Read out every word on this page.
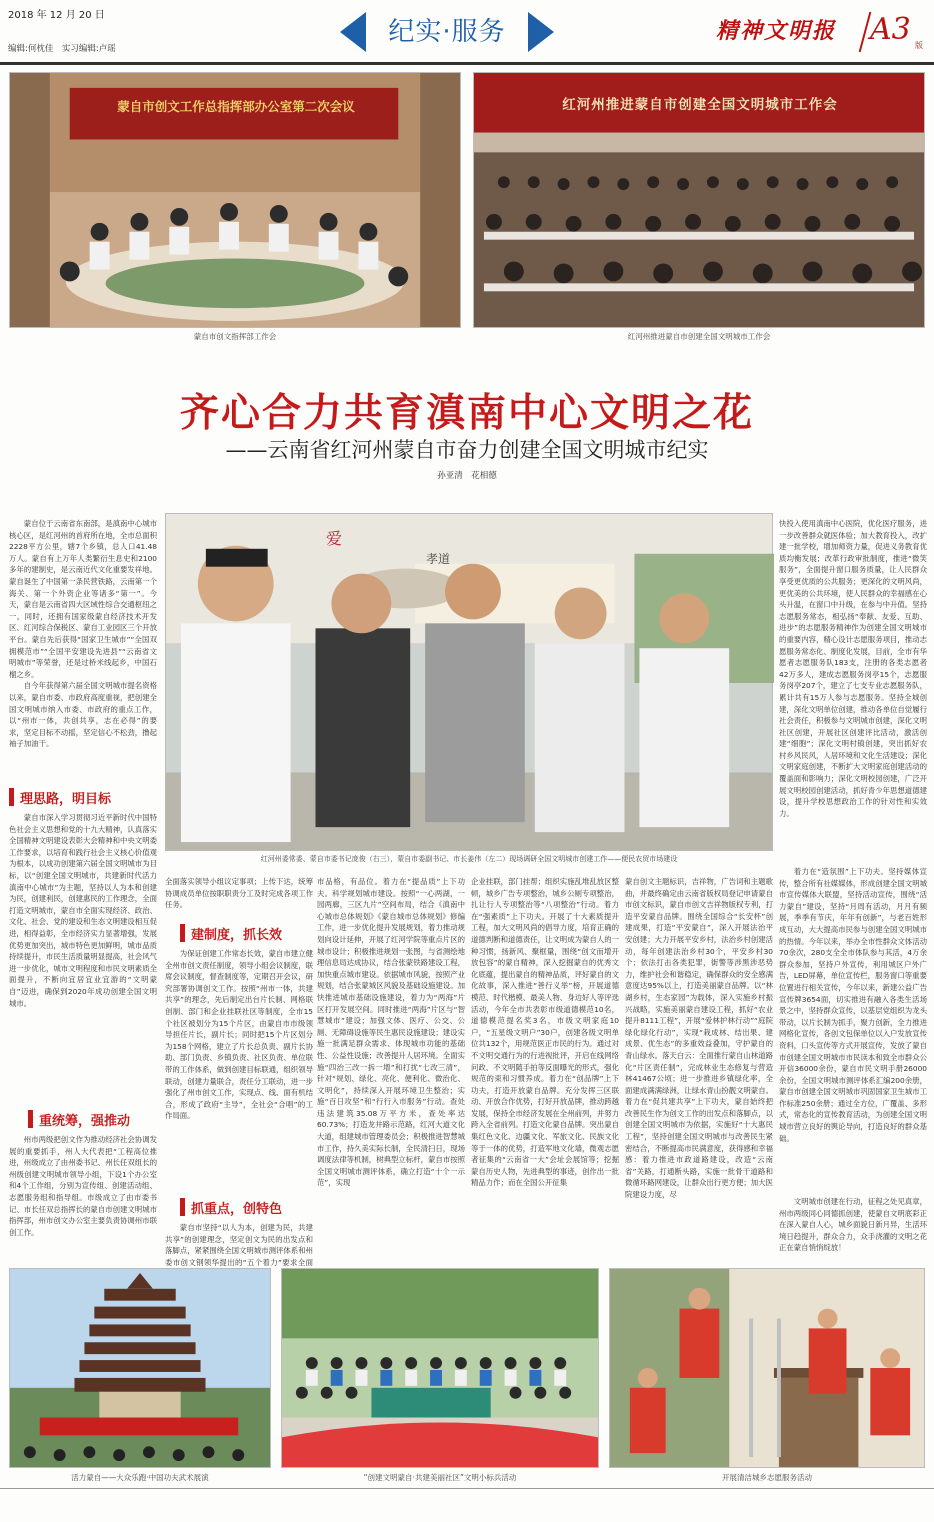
2018 年 12 月 20 日
编辑:何枕佳　实习编辑:卢瑶
纪实·服务	精神文明报 A3 版
蒙自市创文工作总指挥部办公室第二次会议
蒙自市创文指挥部工作会
红河州推进蒙自市创建全国文明城市工作会
红河州推进蒙自市创建全国文明城市工作会
齐心合力共育滇南中心文明之花
——云南省红河州蒙自市奋力创建全国文明城市纪实
孙亚清　花相德
爱
孝道
红河州委常委、蒙自市委书记庞俊（右三），蒙自市委副书记、市长姜伟（左二）现场调研全国文明城市创建工作——便民农贸市场建设

蒙自位于云南省东南部，是滇南中心城市核心区，是红河州的首府所在地，全市总面积2228平方公里，辖7个乡镇，总人口41.48万人。蒙自有上万年人类繁衍生息史和2100多年的建制史，是云南近代文化重要发祥地。蒙自诞生了中国第一条民营铁路，云南第一个海关、第一个外资企业等诸多“第一”。今天，蒙自是云南省四大区域性综合交通枢纽之一。同时，还拥有国家级蒙自经济技术开发区、红河综合保税区、蒙自工业园区三个开放平台。蒙自先后获得“国家卫生城市”“全国双拥模范市”“全国平安建设先进县”“云南省文明城市”等荣誉，还是过桥米线起乡，中国石榴之乡。

自今年获得第六届全国文明城市提名资格以来，蒙自市委、市政府高度重视，把创建全国文明城市纳入市委、市政府的重点工作，以“州市一体，共创共享，志在必得”的要求，坚定目标不动摇，坚定信心不松劲，撸起袖子加油干。

理思路，明目标

蒙自市深入学习贯彻习近平新时代中国特色社会主义思想和党的十九大精神，认真落实全国精神文明建设表彰大会精神和中央文明委工作要求，以培育和践行社会主义核心价值观为根本，以成功创建第六届全国文明城市为目标，以“创建全国文明城市，共建新时代活力滇南中心城市”为主题，坚持以人为本和创建为民，创建利民，创建惠民的工作理念，全面打造文明城市，蒙自市全面实现经济、政治、文化、社会、党的建设和生态文明建设相互促进，相得益彰，全市经济实力显著增强，发展优势更加突出，城市特色更加鲜明，城市品质持续提升，市民生活质量明显提高，社会风气进一步优化，城市文明程度和市民文明素质全面提升，不断向宜居宜业宜游的“文明蒙自”迈进，确保到2020年成功创建全国文明城市。

重统筹，强推动

州市两级把创文作为推动经济社会协调发展的重要抓手，州人大代表把“工程高位推进，州级成立了由州委书记、州长任双组长的州级创建文明城市领导小组，下设1个办公室和4个工作组，分别为宣传组、创建活动组、志愿服务组和指导组。市级成立了由市委书记、市长任双总指挥长的蒙自市创建文明城市指挥部，州市创文办公室主要负责协调州市联创工作。

全面落实领导小组议定事项；上传下达，统筹协调成员单位按职职责分工及时完成各项工作任务。

建制度，抓长效

为保证创建工作常态长效，蒙自市建立健全州市创文责任制度，领导小组会议制度，联席会议制度，督查制度等，定期召开会议，研究部署协调创文工作。按照“州市一体，共建共享”的理念，先后制定出台片长制、网格联创制、部门和企业挂联社区等制度，全市15个社区被划分为15个片区，由蒙自市市级领导担任片长，副片长；同时把15个片区划分为158个网格，建立了片长总负责、副片长协助、部门负责、乡镇负责、社区负责、单位联带的工作体系，做到创建目标联通，组织领导联动，创建力量联合，责任分工联动，进一步强化了州市创文工作，实现点、线、面有机结合，形成了政府“主导”，全社会“合唱”的工作局面。

抓重点，创特色

蒙自市坚持“以人为本，创建为民，共建共享”的创建理念，坚定创文为民的出发点和落脚点，紧紧围绕全国文明城市测评体系和州委市创文钢领华提出的“五个着力”要求全面

市品格，有品位。着力在“提品质”上下功夫。科学规划城市建设。按照“一心两湖，一园两廊，三区九片”空间布局，结合《滇南中心城市总体规划》《蒙自城市总体规划》修编工作，进一步优化提升发展规划，着力推动规划向设计延伸，开展了红河学院等重点片区的城市设计；积极推进规划一张图，与省测绘地理信息局达成协议，结合张蒙铁路建设工程，加快重点城市建设。依据城市风貌，按照产业规划，结合张蒙城区风貌及基础设施建设。加快推进城市基础设施建设，着力为“两海”片区打开发展空间。同时推进“两海”片区与“智慧城市”建设；加强文体、医疗、公交、公厕、无障碍设施等民生惠民设施建设；建设实施一批满足群众需求、体现城市功能的基础性、公益性设施；改善提升人居环境。全面实施“四治三改一拆一增”和打扰“七改三清”，针对“规划、绿化、亮化、便利化、微治化、文明化”，持续深入开展环境卫生整治；实施“百日攻坚”和“行行入市服务”行动。查处违法建筑35.08万平方米，查处率达60.73%；打造龙井路示范路，红河大道文化大道，组建城市管理委员会；积极推进智慧城市工作，持久美实际长制，全民清扫日，现场调度法律等机制，树典型立标杆，蒙自市按照全国文明城市测评体系，确立打造“十个一示范”，实现

企业挂联，部门挂帮；组织实施乱堆乱放区整顿，城乡广告专项整治，城乡公厕专项整治，扎让行人专项整治等“八项整治”行动。着力在“强素质”上下功夫。开展了十大素质提升工程，加大文明风尚的倡导力度，培育正确的道德判断和道德责任，让文明成为蒙自人的一种习惯，扬新风、聚框量，围绕“创文而增开放包容”的蒙自精神，深入挖掘蒙自的优秀文化底蕴，提出蒙自的精神品质，评好蒙自的文化故事，深入推进“善行义举”榜，开展道德模范、时代楷模、最美人物、身边好人等评选活动，今年全市共表彰市级道德模范10名，道德模范提名奖3名，市级文明家庭10户，“五星级文明户”30户，创建各级文明单位共132个，用规范医正市民的行为。通过对不文明交通行为的行进视批评，开启在线网络问政、不文明随手拍等反面曝光的形式，强化规范的束和习惯养成。着力在“创品牌”上下功夫，打造开放蒙自品牌。充分发挥三区联动、开放合作优势，打好开放品牌，推动跨越发展，保持全市经济发展在全州前列，并努力跨入全省前列。打造文化蒙自品牌。突出蒙自集红色文化、边疆文化、军旅文化、民族文化等于一体的优势，打造军地文化墙，微观志愿者征集的“云南省一大”会址会展馆等；挖掘蒙自历史人物，先进典型的事迹，创作出一批精品力作；而在全国公开征集

蒙自创文主题标识，吉祥物，广告词和主题歌曲，并最终确定由云南省版权局登记申请蒙自市创文标识，蒙自市创文吉祥物版权专利，打造平安蒙自品牌。围绕全国综合“长安杯”创建成果，打造“平安蒙自”，深入开展法治平安创建；大力开展平安乡村，法治乡村创建活动，每年创建法治乡村30个，平安乡村30个；依法打击各类犯罪，街警等涉黑涉恶势力，维护社会和谐稳定，确保群众的安全感满意度达95%以上，打造美丽蒙自品牌。以“林湖乡村，生态家园”为载体，深入实施乡村振兴战略，实施美丽蒙自建设工程，抓好“农业提升8111工程”，开展“爱林护林行动”“庭院绿化绿化行动”，实现“栽成林、结出果、建成景、优生态”的多重效益叠加，守护蒙自的青山绿水。落天白云：全面推行蒙自山林道路化“片区责任制”，完成林业生态修复与营造林41467公顷；进一步推进乡镇绿化率，全面建成满满绿洲，让绿水青山扮靓文明蒙自。着力在“促共建共享”上下功夫，蒙自始终把改善民生作为创文工作的出发点和落脚点，以创建全国文明城市为依据，实施好“十大惠民工程”，坚持创建全国文明城市与改善民生紧密结合，不断提高市民满意度，获得感和幸福感：着力推进市政道路建设，改造“云南省”关路，打通断头路，实施一批骨干道路和微循环路网建设，让群众出行更方便；加大医院建设力度，尽

快投入使用滇南中心医院，优化医疗服务，进一步改善群众就医体验；加大教育投入，改扩建一批学校，增加师资力量，促进义务教育优质均衡发展；改革行政审批制度，推进“微笑服务”，全面提升窗口服务质量，让人民群众享受更优质的公共服务；更深化的文明风尚，更优美的公共环境，使人民群众的幸福感在心头升温，在窗口中升级，在参与中升值。坚持志愿服务常态，相弘扬“奉献、友爱、互助、进步”的志愿服务精神作为创建全国文明城市的重要内容，精心设计志愿服务项目，推动志愿服务常态化、制度化发展，目前，全市有华愿者志愿服务队183支，注册的各类志愿者42万多人，建成志愿服务岗亭15个，志愿服务岗亭207个，建立了七支专业志愿服务队，累计共有15万人参与志愿服务。坚持全城创建，深化文明单位创建，推动各单位自觉履行社会责任，积极参与文明城市创建，深化文明社区创建，开展社区创建评比活动，激活创建“细胞”；深化文明村镇创建，突出抓好农村乡风民风，人居环境和文化生活建设；深化文明家庭创建，不断扩大文明家庭创建活动的覆盖面和影响力；深化文明校园创建，广泛开展文明校园创建活动，抓好青少年思想道德建设，提升学校思想政治工作的针对性和实效力。

着力在“造氛围”上下功夫。坚持媒体宣传，整合所有社媒媒体，形成创建全国文明城市宣传媒体大联盟，坚持活动宣传，围绕“活力蒙自”建设，坚持“月周有活动，月月有频展，季季有节庆，年年有创新”，与老百姓形成互动，大大提高市民参与创建全国文明城市的热情。今年以来，举办全市性群众文体活动70余次，280支全全市体队参与其活，4万余群众参加，坚持户外宣传，利用城区户外广告，LED屏幕，单位宣传栏，服务窗口等重要位置进行相关宣传，今年以来，新建公益广告宣传牌3654面，切实推进有融入各类生活场景之中，坚持群众宣传，以基层党组织为龙头带动，以片长制为抓手，聚力创新，全力推进网格化宣传，各创文包保单位以入户发放宣传资料，口头宣传等方式开展宣传，发放了蒙自市创建全国文明城市市民读本和致全市群众公开信36000余份，蒙自市民文明手册26000余份，全国文明城市测评体系汇编200余册，蒙自市创建全国文明城市巩固国家卫生城市工作标准250余册；通过全方位，广覆盖、多形式，常态化的宣传教育活动，为创建全国文明城市营立良好的舆论导向，打造良好的群众基础。

文明城市创建在行动，征程之处见真章，州市两级同心同德抓创建，使蒙自文明底彩正在深入蒙自人心，城乡面貌日新月异，生活环境日趋提升，群众合力，众手浇灌的文明之花正在蒙自悄悄绽放！

活力蒙自——大众乐跑·中国功夫武术展演	“创建文明蒙自·共建美丽社区”文明小标兵活动	开展清洁城乡志愿服务活动
